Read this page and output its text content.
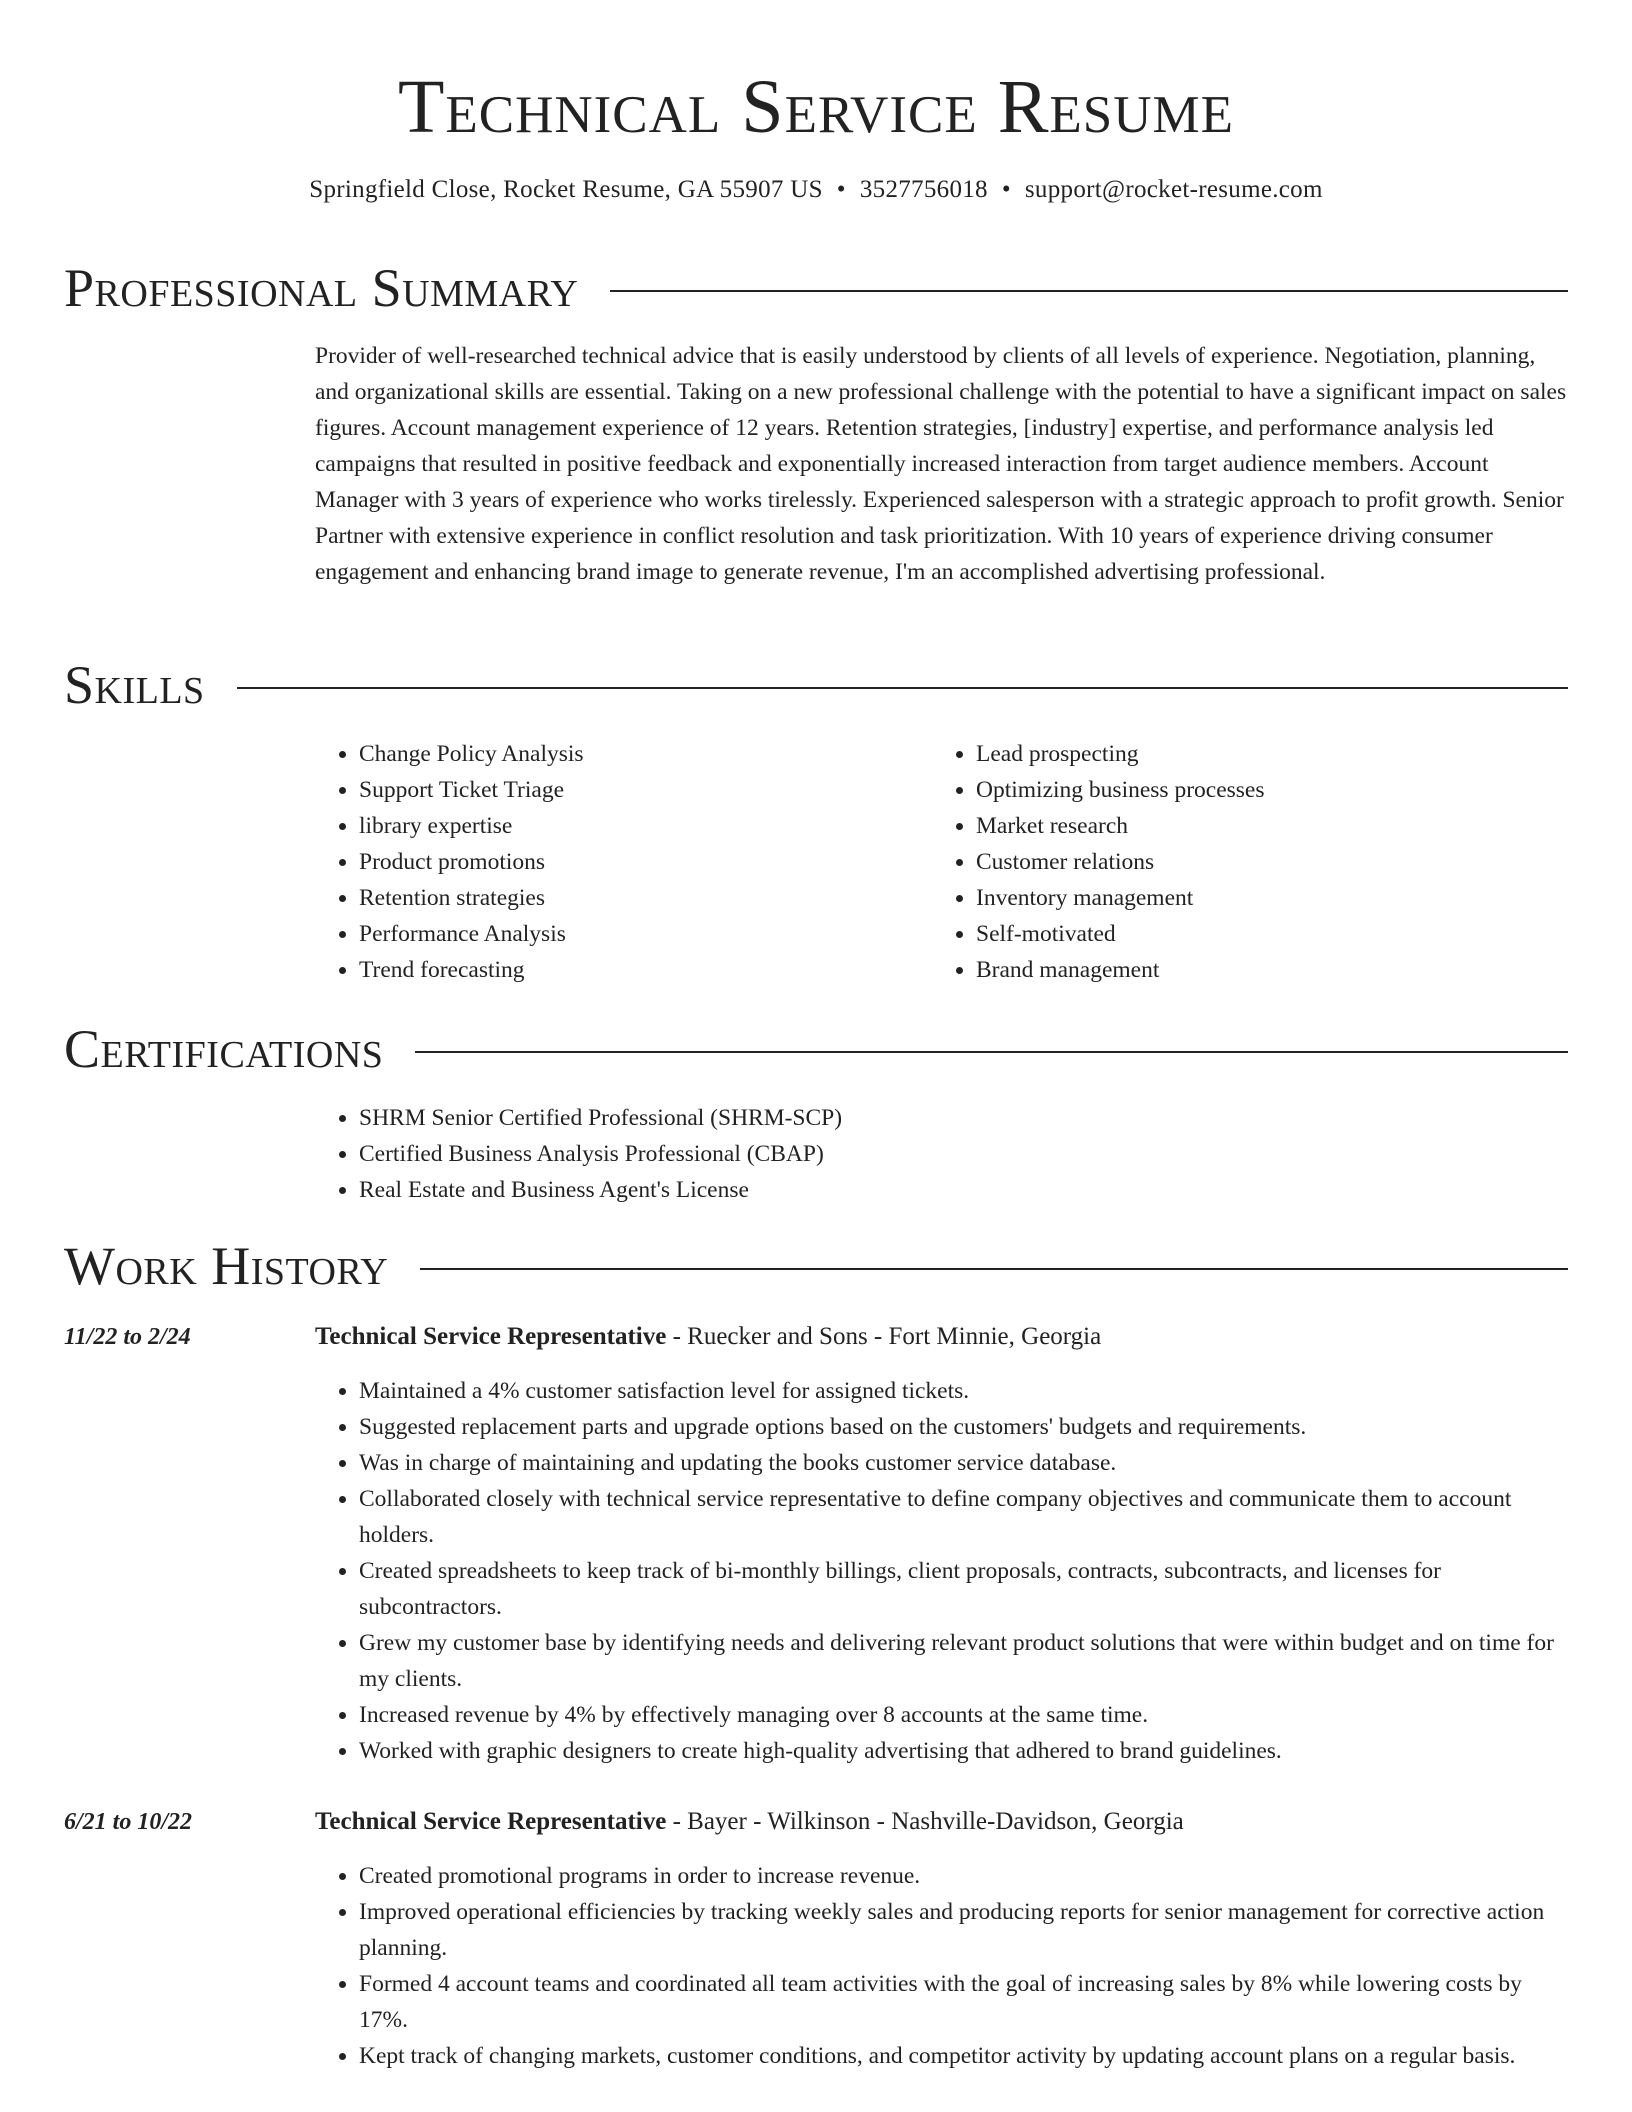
Technical Service Resume
Springfield Close, Rocket Resume, GA 55907 US • 3527756018 • support@rocket-resume.com
Professional Summary

Provider of well-researched technical advice that is easily understood by clients of all levels of experience. Negotiation, planning, and organizational skills are essential. Taking on a new professional challenge with the potential to have a significant impact on sales figures. Account management experience of 12 years. Retention strategies, [industry] expertise, and performance analysis led campaigns that resulted in positive feedback and exponentially increased interaction from target audience members. Account Manager with 3 years of experience who works tirelessly. Experienced salesperson with a strategic approach to profit growth. Senior Partner with extensive experience in conflict resolution and task prioritization. With 10 years of experience driving consumer engagement and enhancing brand image to generate revenue, I'm an accomplished advertising professional.

Skills
• Change Policy Analysis
• Support Ticket Triage
• library expertise
• Product promotions
• Retention strategies
• Performance Analysis
• Trend forecasting
• Lead prospecting
• Optimizing business processes
• Market research
• Customer relations
• Inventory management
• Self-motivated
• Brand management
Certifications
• SHRM Senior Certified Professional (SHRM-SCP)
• Certified Business Analysis Professional (CBAP)
• Real Estate and Business Agent's License
Work History
11/22 to 2/24	Technical Service Representative - Ruecker and Sons - Fort Minnie, Georgia
• Maintained a 4% customer satisfaction level for assigned tickets.
• Suggested replacement parts and upgrade options based on the customers' budgets and requirements.
• Was in charge of maintaining and updating the books customer service database.
• Collaborated closely with technical service representative to define company objectives and communicate them to account holders.
• Created spreadsheets to keep track of bi-monthly billings, client proposals, contracts, subcontracts, and licenses for subcontractors.
• Grew my customer base by identifying needs and delivering relevant product solutions that were within budget and on time for my clients.
• Increased revenue by 4% by effectively managing over 8 accounts at the same time.
• Worked with graphic designers to create high-quality advertising that adhered to brand guidelines.
6/21 to 10/22	Technical Service Representative - Bayer - Wilkinson - Nashville-Davidson, Georgia
• Created promotional programs in order to increase revenue.
• Improved operational efficiencies by tracking weekly sales and producing reports for senior management for corrective action planning.
• Formed 4 account teams and coordinated all team activities with the goal of increasing sales by 8% while lowering costs by 17%.
• Kept track of changing markets, customer conditions, and competitor activity by updating account plans on a regular basis.
